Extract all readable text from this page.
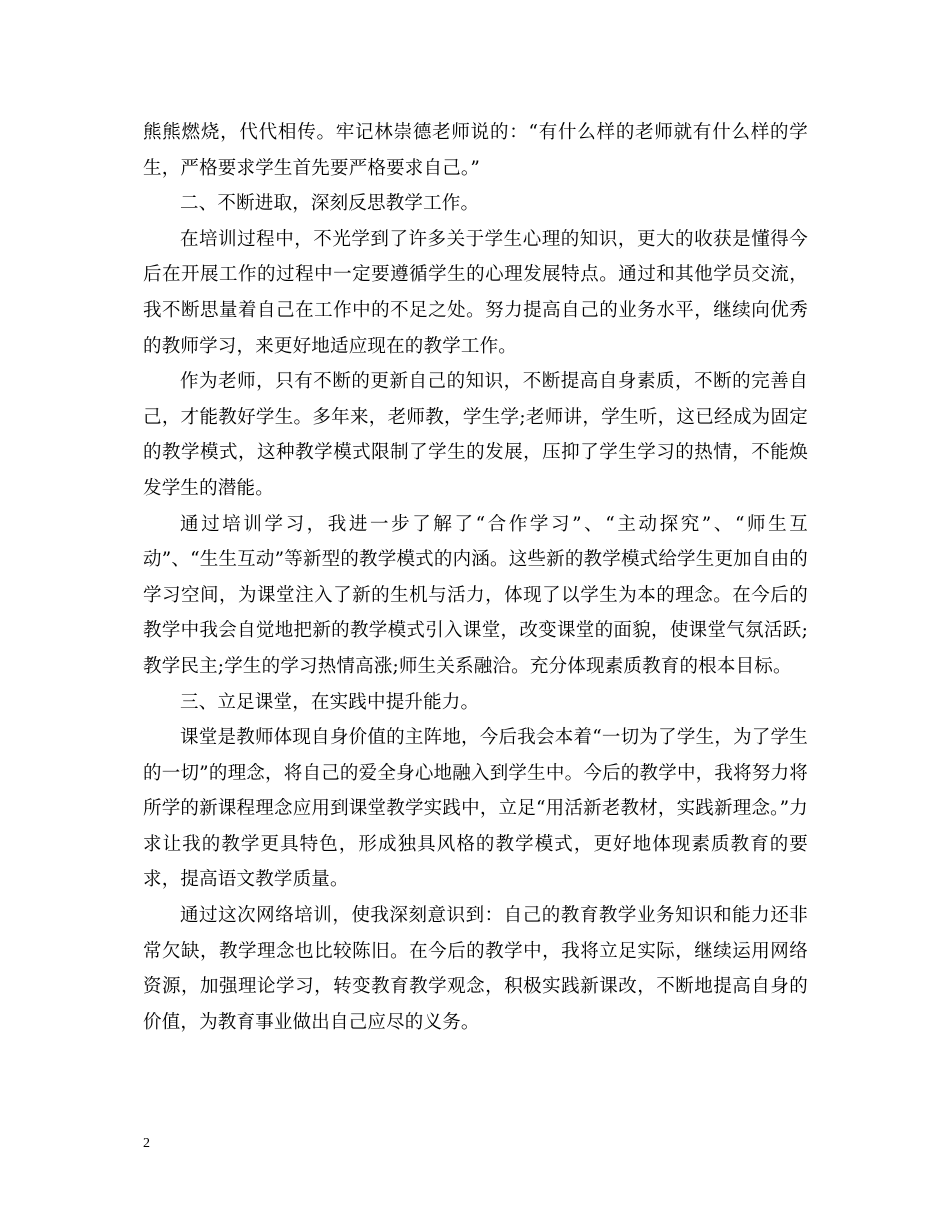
熊熊燃烧，代代相传。牢记林崇德老师说的：“有什么样的老师就有什么样的学生，严格要求学生首先要严格要求自己。”

二、不断进取，深刻反思教学工作。

在培训过程中，不光学到了许多关于学生心理的知识，更大的收获是懂得今后在开展工作的过程中一定要遵循学生的心理发展特点。通过和其他学员交流，我不断思量着自己在工作中的不足之处。努力提高自己的业务水平，继续向优秀的教师学习，来更好地适应现在的教学工作。

作为老师，只有不断的更新自己的知识，不断提高自身素质，不断的完善自己，才能教好学生。多年来，老师教，学生学;老师讲，学生听，这已经成为固定的教学模式，这种教学模式限制了学生的发展，压抑了学生学习的热情，不能焕发学生的潜能。

通过培训学习，我进一步了解了“合作学习”、“主动探究”、“师生互动”、“生生互动”等新型的教学模式的内涵。这些新的教学模式给学生更加自由的学习空间，为课堂注入了新的生机与活力，体现了以学生为本的理念。在今后的教学中我会自觉地把新的教学模式引入课堂，改变课堂的面貌，使课堂气氛活跃;教学民主;学生的学习热情高涨;师生关系融洽。充分体现素质教育的根本目标。

三、立足课堂，在实践中提升能力。

课堂是教师体现自身价值的主阵地，今后我会本着“一切为了学生，为了学生的一切”的理念，将自己的爱全身心地融入到学生中。今后的教学中，我将努力将所学的新课程理念应用到课堂教学实践中，立足“用活新老教材，实践新理念。”力求让我的教学更具特色，形成独具风格的教学模式，更好地体现素质教育的要求，提高语文教学质量。

通过这次网络培训，使我深刻意识到：自己的教育教学业务知识和能力还非常欠缺，教学理念也比较陈旧。在今后的教学中，我将立足实际，继续运用网络资源，加强理论学习，转变教育教学观念，积极实践新课改，不断地提高自身的价值，为教育事业做出自己应尽的义务。

2
